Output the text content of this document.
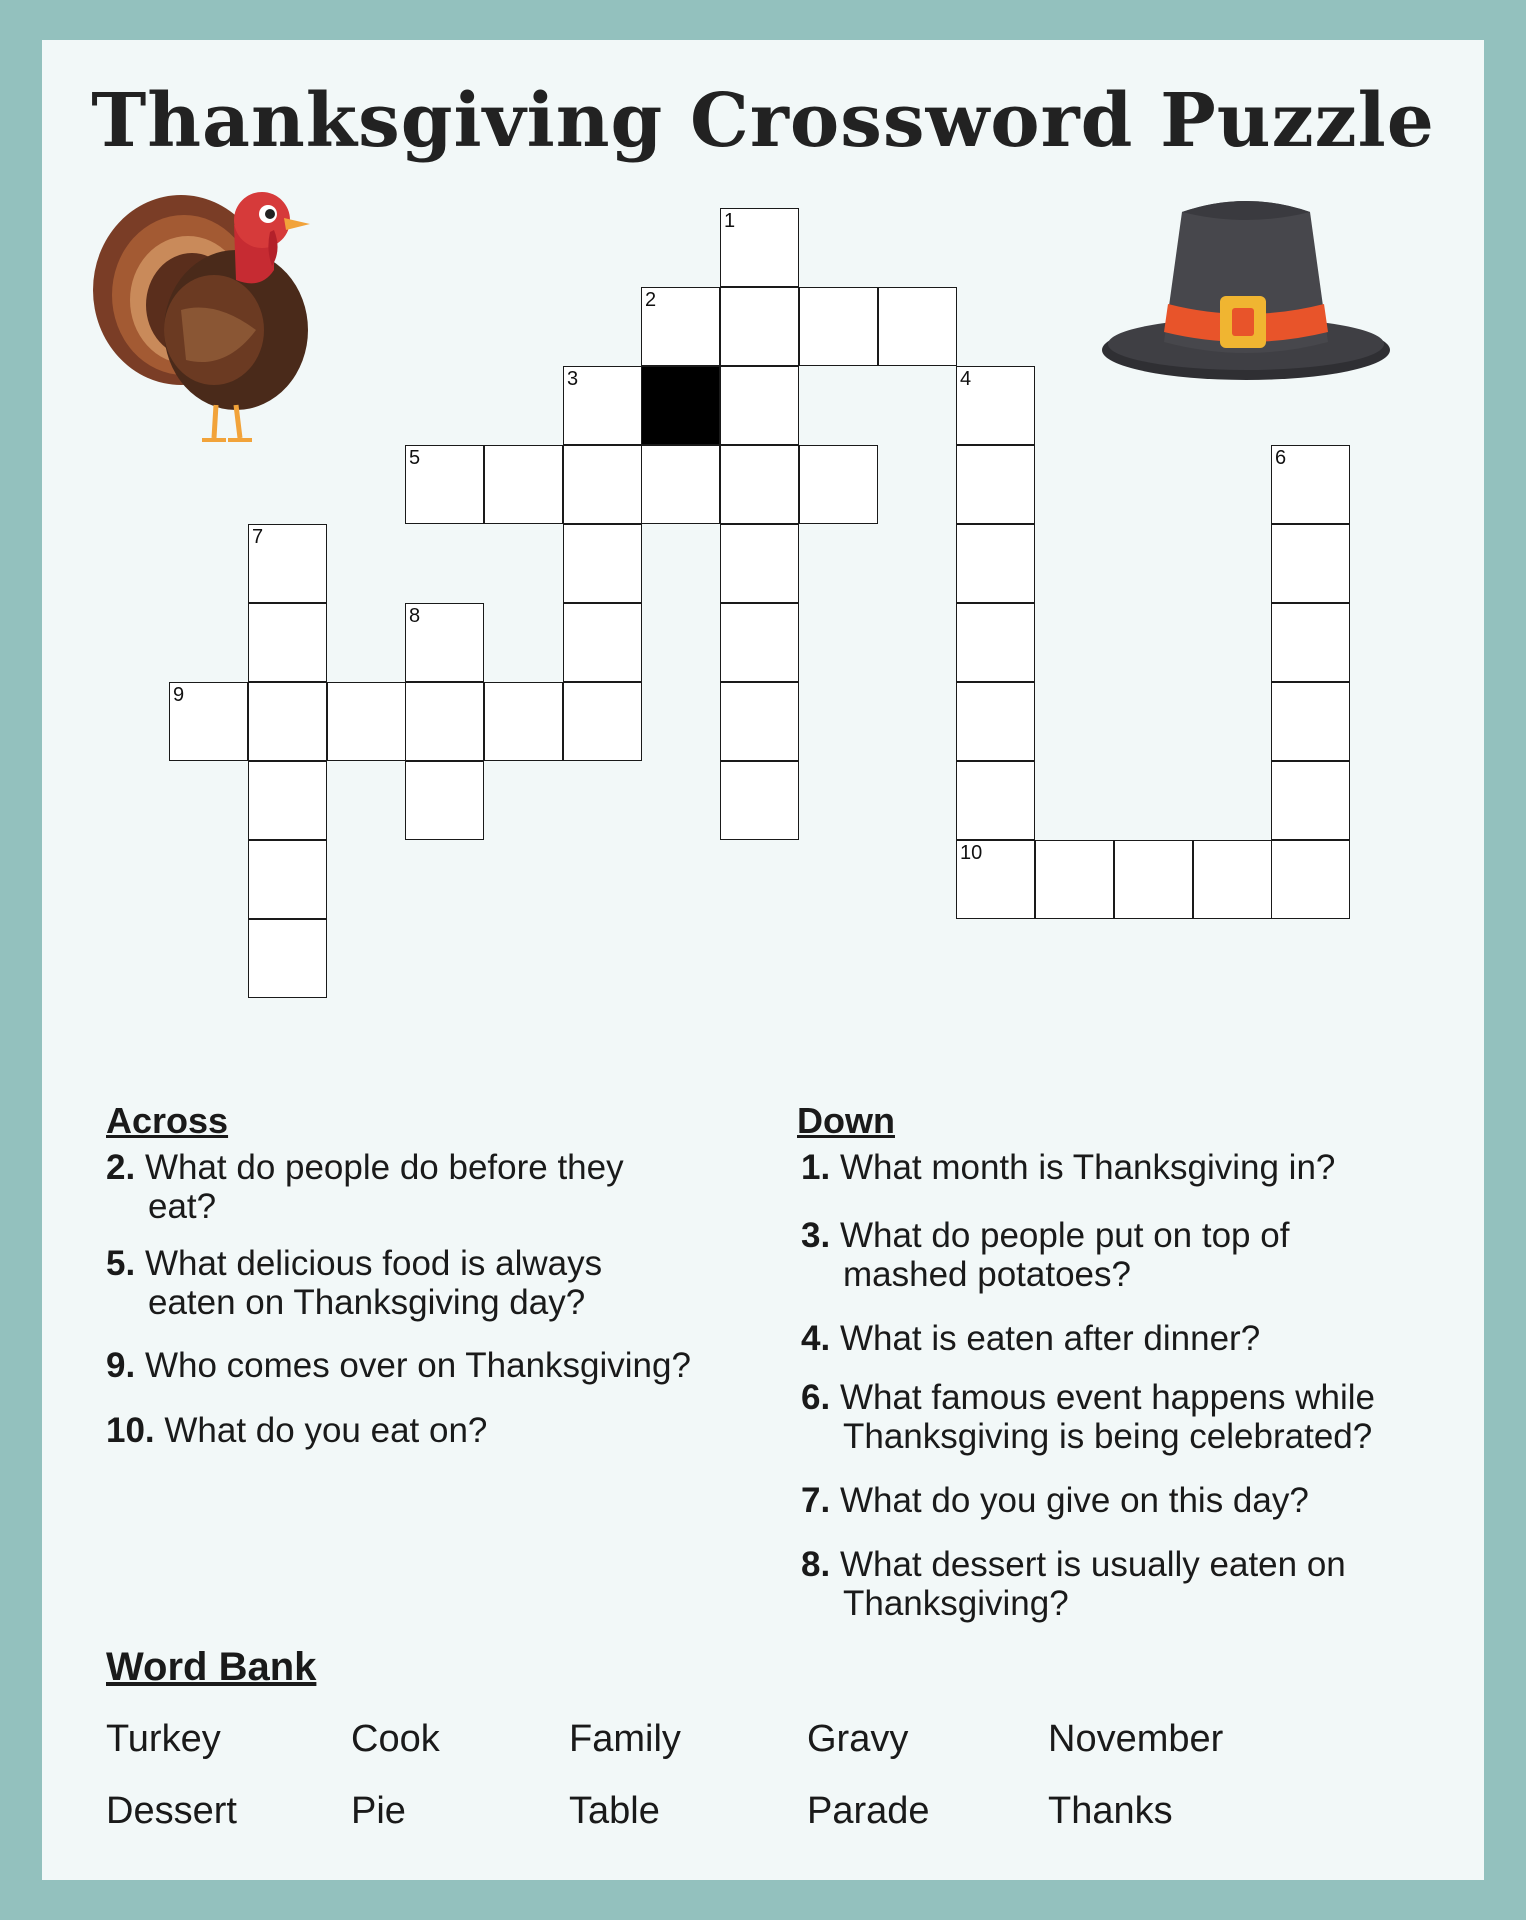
Thanksgiving Crossword Puzzle
1
2
3	4
5	6
7
8
9
10
Across
2. What do people do before they
eat?
5. What delicious food is always
eaten on Thanksgiving day?
9. Who comes over on Thanksgiving?
10. What do you eat on?
Down
1. What month is Thanksgiving in?
3. What do people put on top of
mashed potatoes?
4. What is eaten after dinner?
6. What famous event happens while
Thanksgiving is being celebrated?
7. What do you give on this day?
8. What dessert is usually eaten on
Thanksgiving?
Word Bank
Turkey	Cook	Family	Gravy	November
Dessert	Pie	Table	Parade	Thanks
